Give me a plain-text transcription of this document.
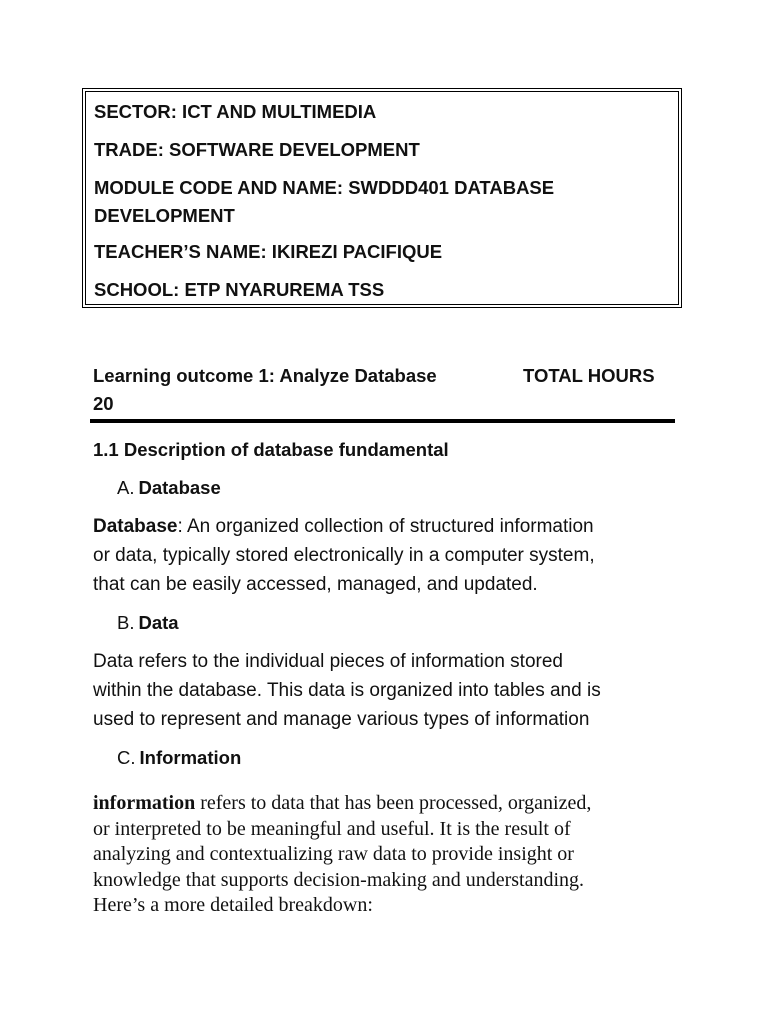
SECTOR: ICT AND MULTIMEDIA
TRADE: SOFTWARE DEVELOPMENT
MODULE CODE AND NAME: SWDDD401 DATABASE
DEVELOPMENT
TEACHER’S NAME: IKIREZI PACIFIQUE
SCHOOL: ETP NYARUREMA TSS
Learning outcome 1: Analyze Database	TOTAL HOURS

20
1.1 Description of database fundamental
A. Database
Database: An organized collection of structured information
or data, typically stored electronically in a computer system,
that can be easily accessed, managed, and updated.
B. Data
Data refers to the individual pieces of information stored
within the database. This data is organized into tables and is
used to represent and manage various types of information
C. Information
information refers to data that has been processed, organized,
or interpreted to be meaningful and useful. It is the result of
analyzing and contextualizing raw data to provide insight or
knowledge that supports decision-making and understanding.
Here’s a more detailed breakdown:
